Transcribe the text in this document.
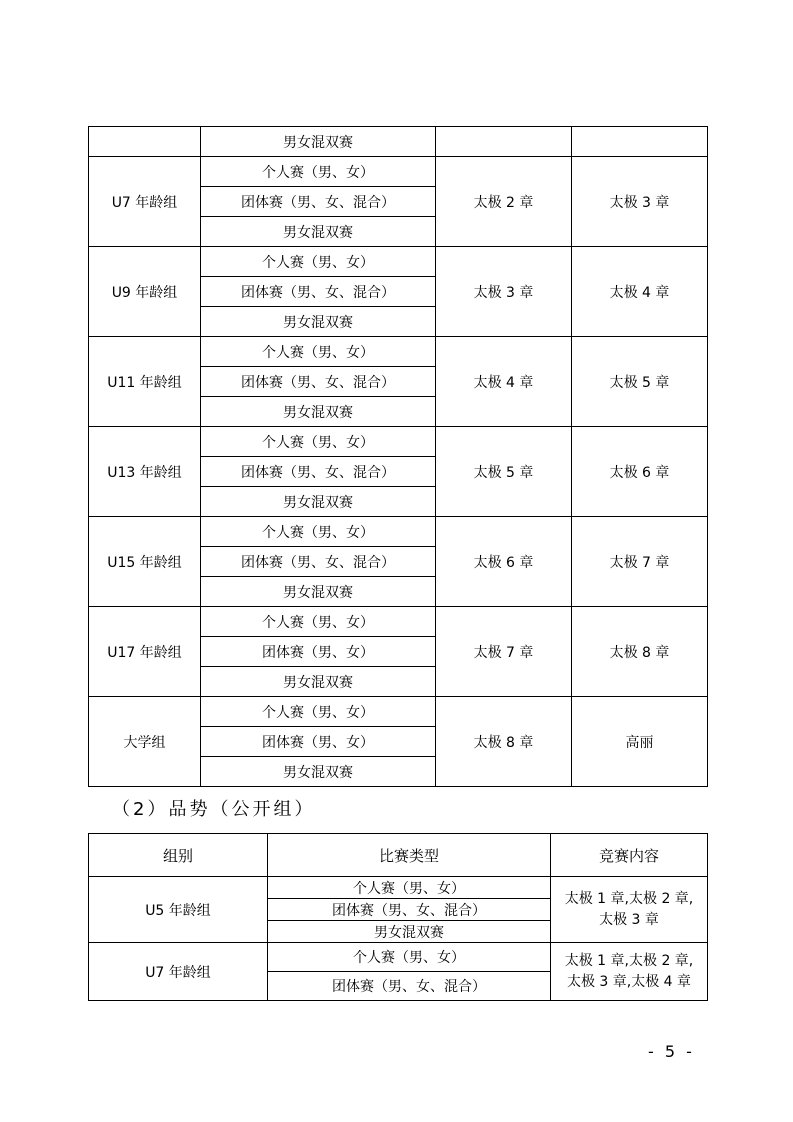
	男女混双赛		
U7 年龄组	个人赛（男、女）	太极 2 章	太极 3 章
	团体赛（男、女、混合）		
	男女混双赛		
U9 年龄组	个人赛（男、女）	太极 3 章	太极 4 章
	团体赛（男、女、混合）		
	男女混双赛		
U11 年龄组	个人赛（男、女）	太极 4 章	太极 5 章
	团体赛（男、女、混合）		
	男女混双赛		
U13 年龄组	个人赛（男、女）	太极 5 章	太极 6 章
	团体赛（男、女、混合）		
	男女混双赛		
U15 年龄组	个人赛（男、女）	太极 6 章	太极 7 章
	团体赛（男、女、混合）		
	男女混双赛		
U17 年龄组	个人赛（男、女）	太极 7 章	太极 8 章
	团体赛（男、女）		
	男女混双赛		
大学组	个人赛（男、女）	太极 8 章	高丽
	团体赛（男、女）		
	男女混双赛		
（2）品势（公开组）
组别	比赛类型	竞赛内容
U5 年龄组	个人赛（男、女）	太极 1 章,太极 2 章,
太极 3 章

	团体赛（男、女、混合）	
	男女混双赛	
U7 年龄组	个人赛（男、女）	太极 1 章,太极 2 章,
太极 3 章,太极 4 章

	团体赛（男、女、混合）	
- 5 -
